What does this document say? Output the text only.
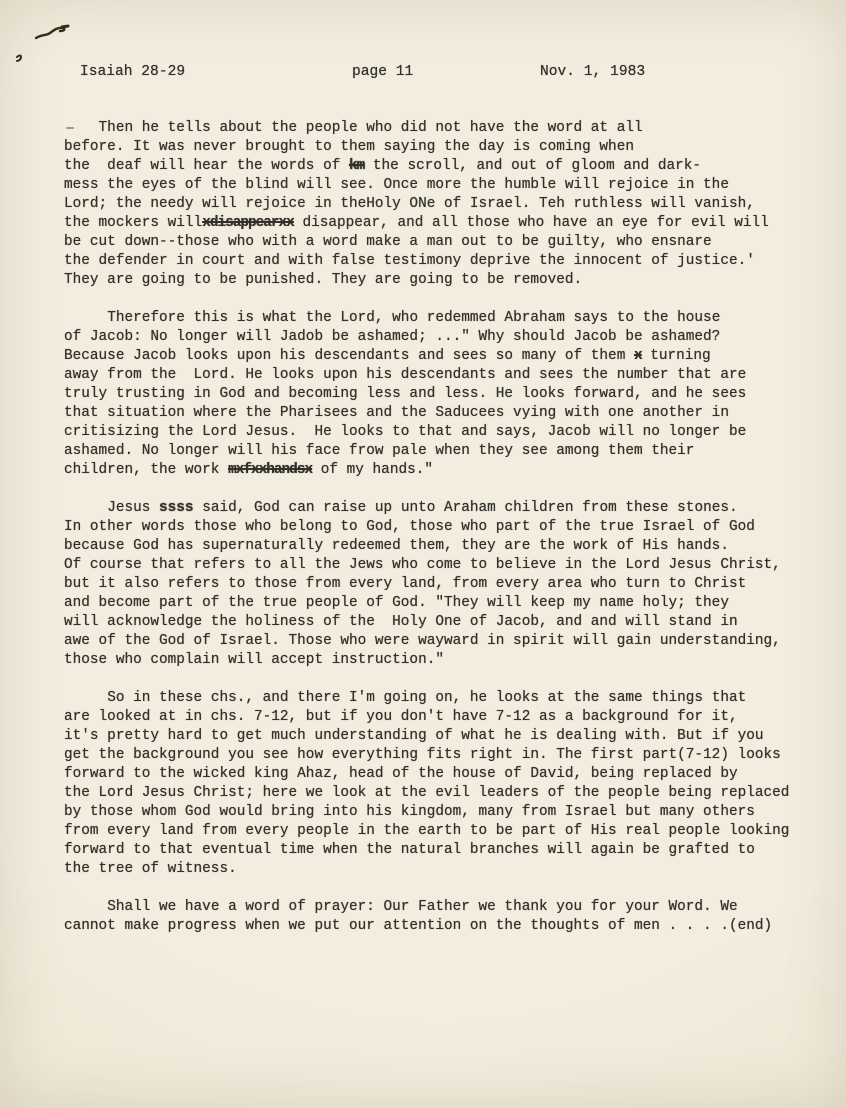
Isaiah 28-29	page 11	Nov. 1, 1983
Then he tells about the people who did not have the word at all
before. It was never brought to them saying the day is coming when
the  deaf will hear the words of km the scroll, and out of gloom and dark-
mess the eyes of the blind will see. Once more the humble will rejoice in the
Lord; the needy will rejoice in theHoly ONe of Israel. Teh ruthless will vanish,
the mockers willxdisappearxx disappear, and all those who have an eye for evil will
be cut down--those who with a word make a man out to be guilty, who ensnare
the defender in court and with false testimony deprive the innocent of justice.'
They are going to be punished. They are going to be removed.
Therefore this is what the Lord, who redemmed Abraham says to the house
of Jacob: No longer will Jadob be ashamed; ..." Why should Jacob be ashamed?
Because Jacob looks upon his descendants and sees so many of them x turning
away from the  Lord. He looks upon his descendants and sees the number that are
truly trusting in God and becoming less and less. He looks forward, and he sees
that situation where the Pharisees and the Saducees vying with one another in
critisizing the Lord Jesus.  He looks to that and says, Jacob will no longer be
ashamed. No longer will his face frow pale when they see among them their
children, the work mxfxxhandsx of my hands."
Jesus ssss said, God can raise up unto Araham children from these stones.
In other words those who belong to God, those who part of the true Israel of God
because God has supernaturally redeemed them, they are the work of His hands.
Of course that refers to all the Jews who come to believe in the Lord Jesus Christ,
but it also refers to those from every land, from every area who turn to Christ
and become part of the true people of God. "They will keep my name holy; they
will acknowledge the holiness of the  Holy One of Jacob, and and will stand in
awe of the God of Israel. Those who were wayward in spirit will gain understanding,
those who complain will accept instruction."
So in these chs., and there I'm going on, he looks at the same things that
are looked at in chs. 7-12, but if you don't have 7-12 as a background for it,
it's pretty hard to get much understanding of what he is dealing with. But if you
get the background you see how everything fits right in. The first part(7-12) looks
forward to the wicked king Ahaz, head of the house of David, being replaced by
the Lord Jesus Christ; here we look at the evil leaders of the people being replaced
by those whom God would bring into his kingdom, many from Israel but many others
from every land from every people in the earth to be part of His real people looking
forward to that eventual time when the natural branches will again be grafted to
the tree of witness.
Shall we have a word of prayer: Our Father we thank you for your Word. We
cannot make progress when we put our attention on the thoughts of men . . . .(end)
